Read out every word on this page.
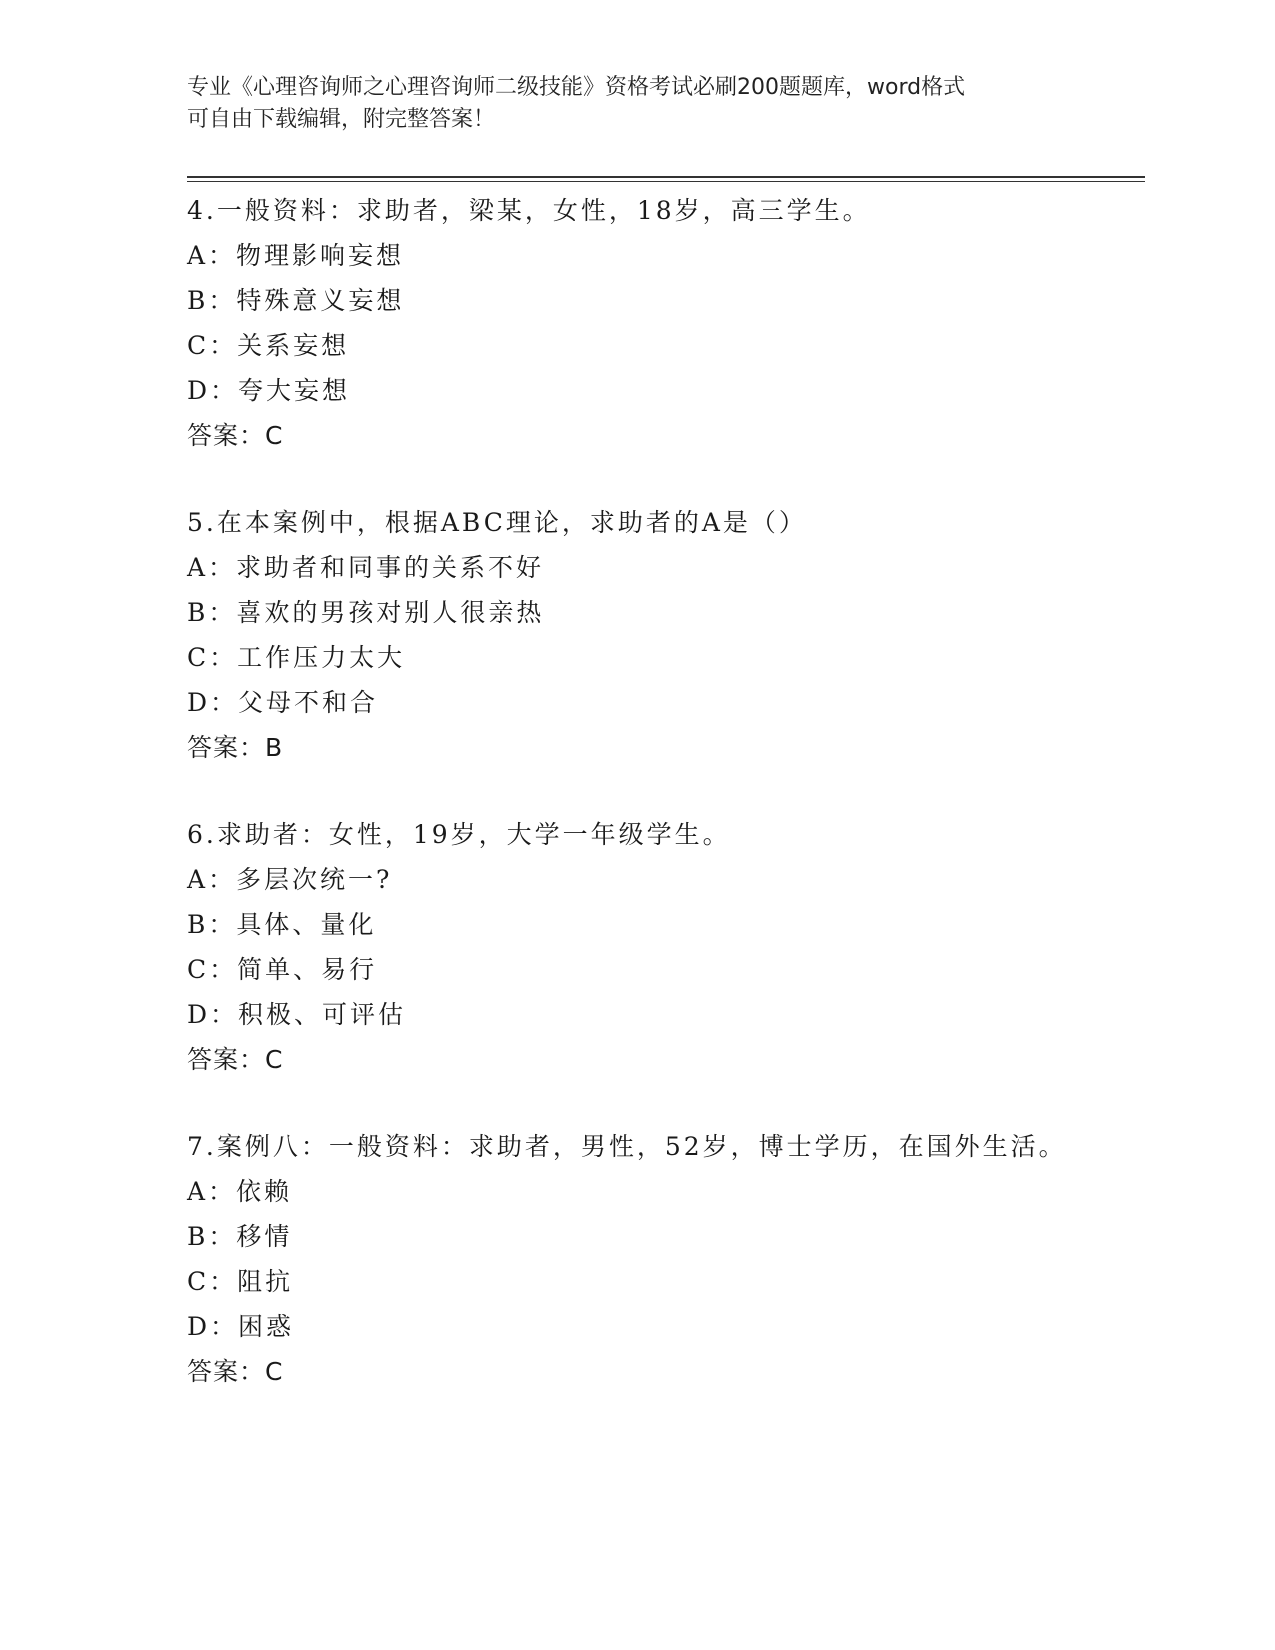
专业《心理咨询师之心理咨询师二级技能》资格考试必刷200题题库，word格式
可自由下载编辑，附完整答案！
4.一般资料：求助者，梁某，女性，18岁，高三学生。
A：物理影响妄想
B：特殊意义妄想
C：关系妄想
D：夸大妄想
答案：C
5.在本案例中，根据ABC理论，求助者的A是（）
A：求助者和同事的关系不好
B：喜欢的男孩对别人很亲热
C：工作压力太大
D：父母不和合
答案：B
6.求助者：女性，19岁，大学一年级学生。
A：多层次统一?
B：具体、量化
C：简单、易行
D：积极、可评估
答案：C
7.案例八：一般资料：求助者，男性，52岁，博士学历，在国外生活。
A：依赖
B：移情
C：阻抗
D：困惑
答案：C
